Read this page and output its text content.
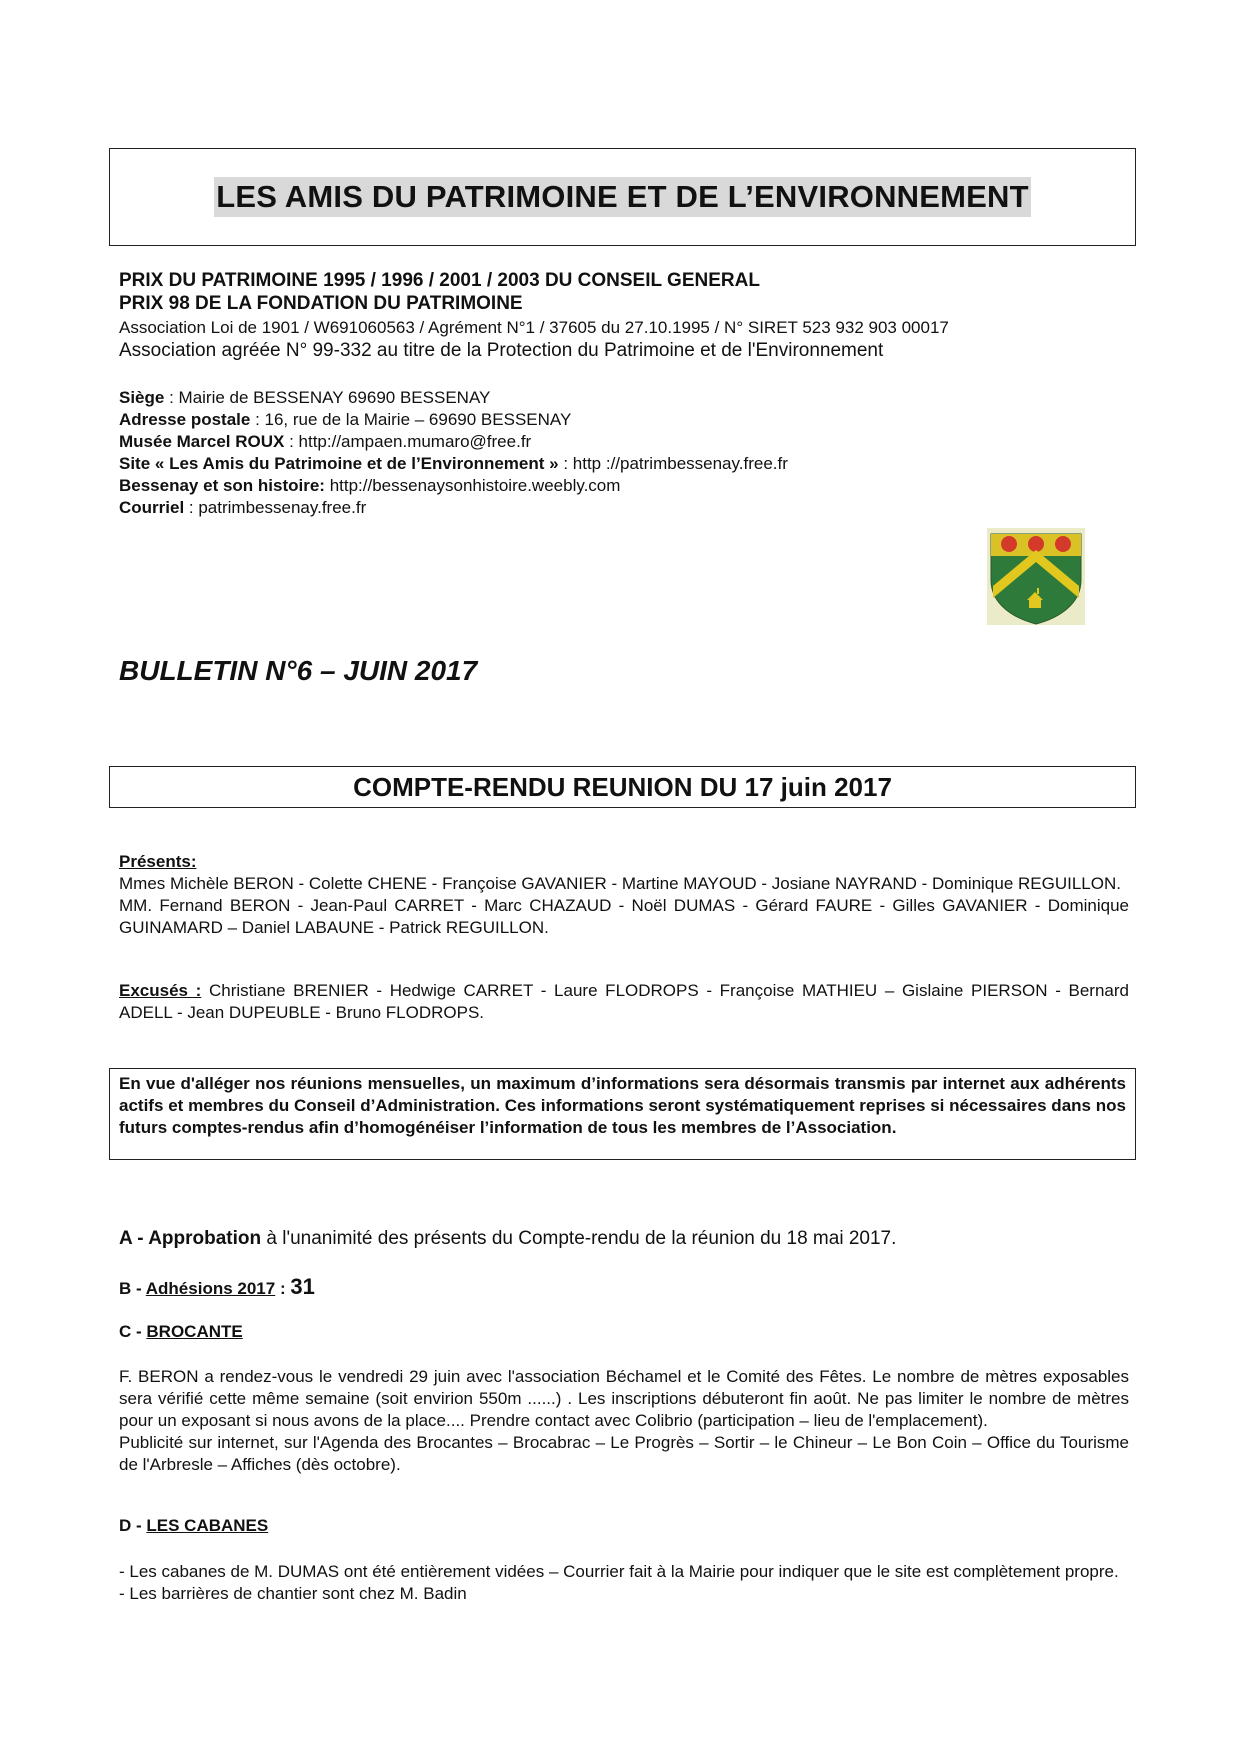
LES AMIS DU PATRIMOINE ET DE L’ENVIRONNEMENT
PRIX DU PATRIMOINE 1995 / 1996 / 2001 / 2003 DU CONSEIL GENERAL
PRIX 98 DE LA FONDATION DU PATRIMOINE
Association Loi de 1901 / W691060563 / Agrément N°1 / 37605 du 27.10.1995 / N° SIRET 523 932 903 00017
Association agréée N° 99-332 au titre de la Protection du Patrimoine et de l'Environnement
Siège : Mairie de BESSENAY 69690 BESSENAY
Adresse postale : 16, rue de la Mairie – 69690 BESSENAY
Musée Marcel ROUX : http://ampaen.mumaro@free.fr
Site « Les Amis du Patrimoine et de l’Environnement » : http ://patrimbessenay.free.fr
Bessenay et son histoire: http://bessenaysonhistoire.weebly.com
Courriel : patrimbessenay.free.fr
BULLETIN N°6 – JUIN 2017
COMPTE-RENDU REUNION DU 17 juin 2017

Présents:

Mmes Michèle BERON - Colette CHENE - Françoise GAVANIER - Martine MAYOUD - Josiane NAYRAND - Dominique REGUILLON.

MM. Fernand BERON - Jean-Paul CARRET - Marc CHAZAUD - Noël DUMAS - Gérard FAURE - Gilles GAVANIER - Dominique GUINAMARD – Daniel LABAUNE - Patrick REGUILLON.

Excusés : Christiane BRENIER - Hedwige CARRET - Laure FLODROPS - Françoise MATHIEU – Gislaine PIERSON - Bernard ADELL - Jean DUPEUBLE - Bruno FLODROPS.

En vue d'alléger nos réunions mensuelles, un maximum d’informations sera désormais transmis par internet aux adhérents actifs et membres du Conseil d’Administration. Ces informations seront systématiquement reprises si nécessaires dans nos futurs comptes-rendus afin d’homogénéiser l’information de tous les membres de l’Association.
A - Approbation à l'unanimité des présents du Compte-rendu de la réunion du 18 mai 2017.
B - Adhésions 2017 : 31
C - BROCANTE

F. BERON a rendez-vous le vendredi 29 juin avec l'association Béchamel et le Comité des Fêtes. Le nombre de mètres exposables sera vérifié cette même semaine (soit envirion 550m ......) . Les inscriptions débuteront fin août. Ne pas limiter le nombre de mètres pour un exposant si nous avons de la place.... Prendre contact avec Colibrio (participation – lieu de l'emplacement).

Publicité sur internet, sur l'Agenda des Brocantes – Brocabrac – Le Progrès – Sortir – le Chineur – Le Bon Coin – Office du Tourisme de l'Arbresle – Affiches (dès octobre).

D - LES CABANES

- Les cabanes de M. DUMAS ont été entièrement vidées – Courrier fait à la Mairie pour indiquer que le site est complètement propre.

- Les barrières de chantier sont chez M. Badin
